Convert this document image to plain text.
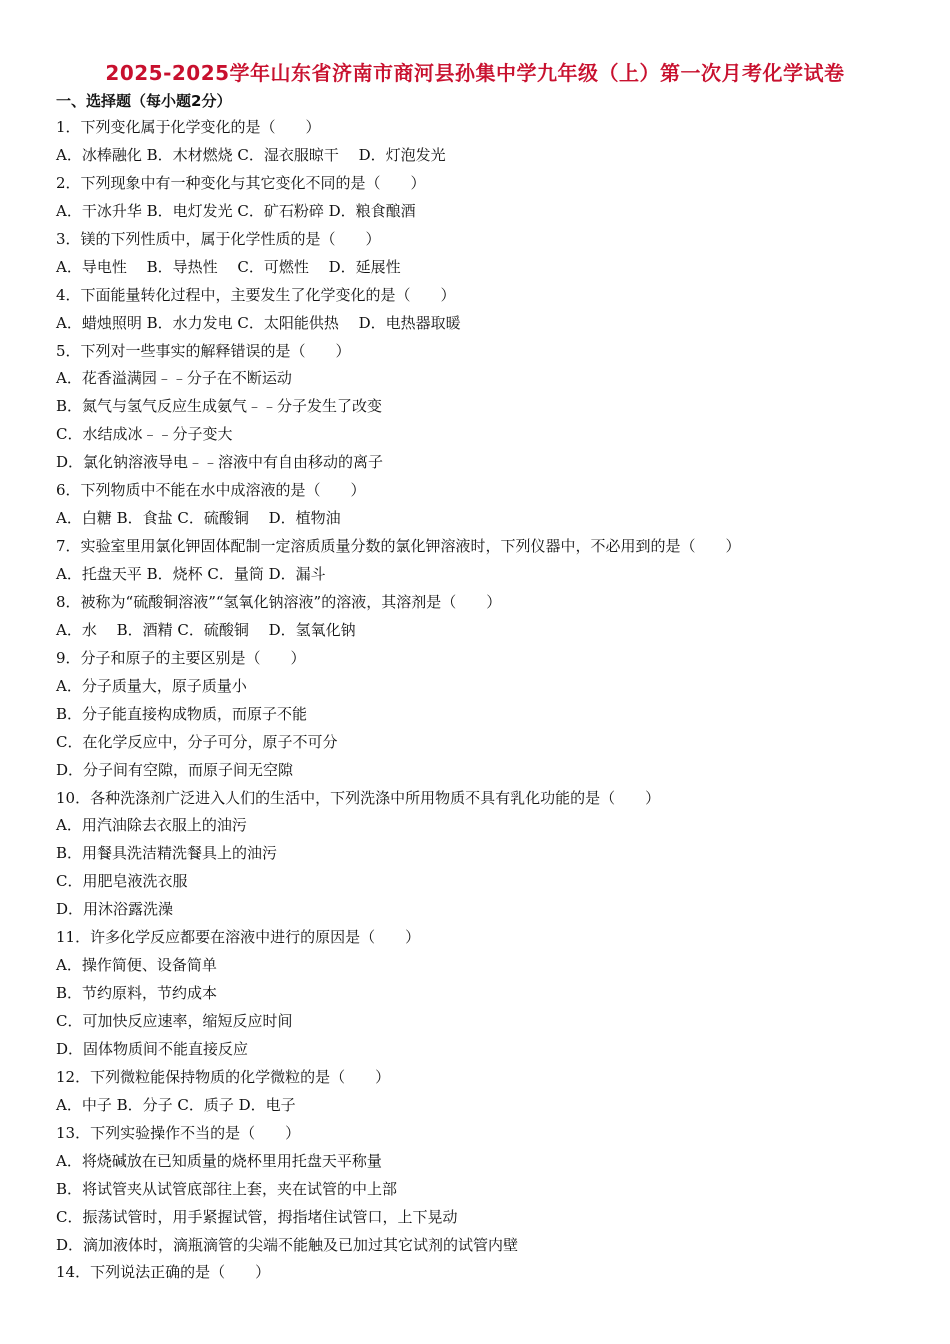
2025-2025学年山东省济南市商河县孙集中学九年级（上）第一次月考化学试卷
一、选择题（每小题2分）
1．下列变化属于化学变化的是（　　）
A．冰棒融化 B．木材燃烧 C．湿衣服晾干　 D．灯泡发光
2．下列现象中有一种变化与其它变化不同的是（　　）
A．干冰升华 B．电灯发光 C．矿石粉碎 D．粮食酿酒
3．镁的下列性质中，属于化学性质的是（　　）
A．导电性　 B．导热性　 C．可燃性　 D．延展性
4．下面能量转化过程中，主要发生了化学变化的是（　　）
A．蜡烛照明 B．水力发电 C．太阳能供热　 D．电热器取暖
5．下列对一些事实的解释错误的是（　　）
A．花香溢满园﹣﹣分子在不断运动
B．氮气与氢气反应生成氨气﹣﹣分子发生了改变
C．水结成冰﹣﹣分子变大
D．氯化钠溶液导电﹣﹣溶液中有自由移动的离子
6．下列物质中不能在水中成溶液的是（　　）
A．白糖 B．食盐 C．硫酸铜　 D．植物油
7．实验室里用氯化钾固体配制一定溶质质量分数的氯化钾溶液时，下列仪器中，不必用到的是（　　）
A．托盘天平 B．烧杯 C．量筒 D．漏斗
8．被称为“硫酸铜溶液”“氢氧化钠溶液”的溶液，其溶剂是（　　）
A．水　 B．酒精 C．硫酸铜　 D．氢氧化钠
9．分子和原子的主要区别是（　　）
A．分子质量大，原子质量小
B．分子能直接构成物质，而原子不能
C．在化学反应中，分子可分，原子不可分
D．分子间有空隙，而原子间无空隙
10．各种洗涤剂广泛进入人们的生活中，下列洗涤中所用物质不具有乳化功能的是（　　）
A．用汽油除去衣服上的油污
B．用餐具洗洁精洗餐具上的油污
C．用肥皂液洗衣服
D．用沐浴露洗澡
11．许多化学反应都要在溶液中进行的原因是（　　）
A．操作简便、设备简单
B．节约原料，节约成本
C．可加快反应速率，缩短反应时间
D．固体物质间不能直接反应
12．下列微粒能保持物质的化学微粒的是（　　）
A．中子 B．分子 C．质子 D．电子
13．下列实验操作不当的是（　　）
A．将烧碱放在已知质量的烧杯里用托盘天平称量
B．将试管夹从试管底部往上套，夹在试管的中上部
C．振荡试管时，用手紧握试管，拇指堵住试管口，上下晃动
D．滴加液体时，滴瓶滴管的尖端不能触及已加过其它试剂的试管内壁
14．下列说法正确的是（　　）
